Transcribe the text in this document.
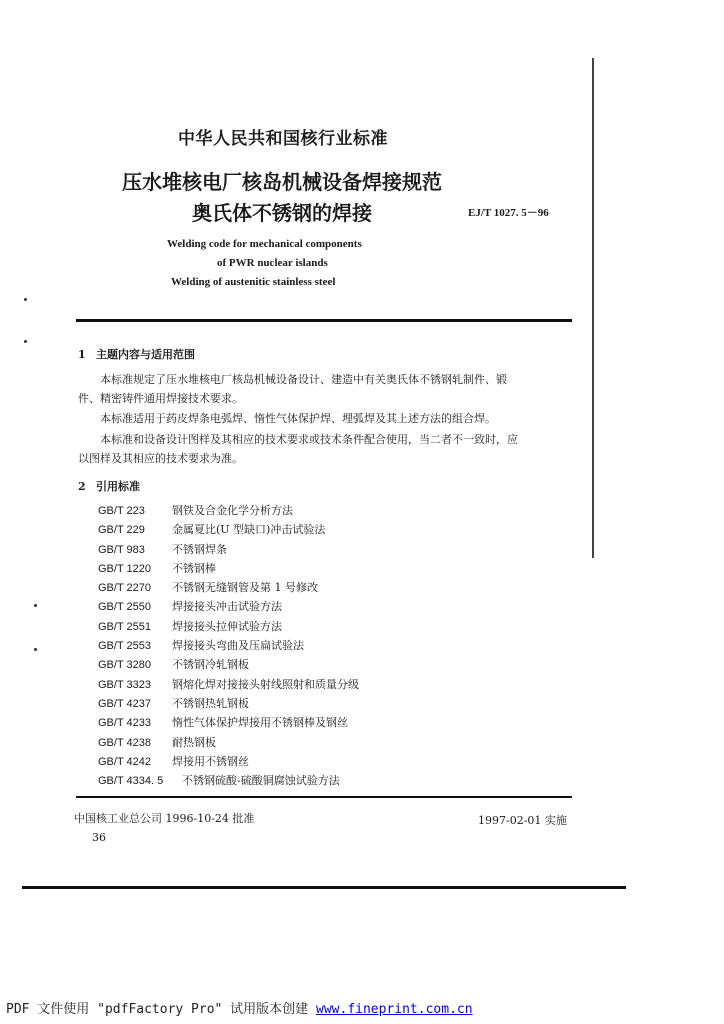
中华人民共和国核行业标准
压水堆核电厂核岛机械设备焊接规范
奥氏体不锈钢的焊接	EJ/T 1027. 5－96
Welding code for mechanical components
of PWR nuclear islands
Welding of austenitic stainless steel
1 主题内容与适用范围
本标准规定了压水堆核电厂核岛机械设备设计、建造中有关奥氏体不锈钢轧制件、锻
件、精密铸件通用焊接技术要求。
本标准适用于药皮焊条电弧焊、惰性气体保护焊、埋弧焊及其上述方法的组合焊。
本标准和设备设计图样及其相应的技术要求或技术条件配合使用，当二者不一致时，应
以图样及其相应的技术要求为准。
2 引用标准
GB/T 223 钢铁及合金化学分析方法
GB/T 229 金属夏比(U 型缺口)冲击试验法
GB/T 983 不锈钢焊条
GB/T 1220 不锈钢棒
GB/T 2270 不锈钢无缝钢管及第 1 号修改
GB/T 2550 焊接接头冲击试验方法
GB/T 2551 焊接接头拉伸试验方法
GB/T 2553 焊接接头弯曲及压扁试验法
GB/T 3280 不锈钢冷轧钢板
GB/T 3323 钢熔化焊对接接头射线照射和质量分级
GB/T 4237 不锈钢热轧钢板
GB/T 4233 惰性气体保护焊接用不锈钢棒及钢丝
GB/T 4238 耐热钢板
GB/T 4242 焊接用不锈钢丝
GB/T 4334. 5 不锈钢硫酸-硫酸铜腐蚀试验方法
中国核工业总公司 1996-10-24 批准	1997-02-01 实施
36
PDF 文件使用 "pdfFactory Pro" 试用版本创建 www.fineprint.com.cn
